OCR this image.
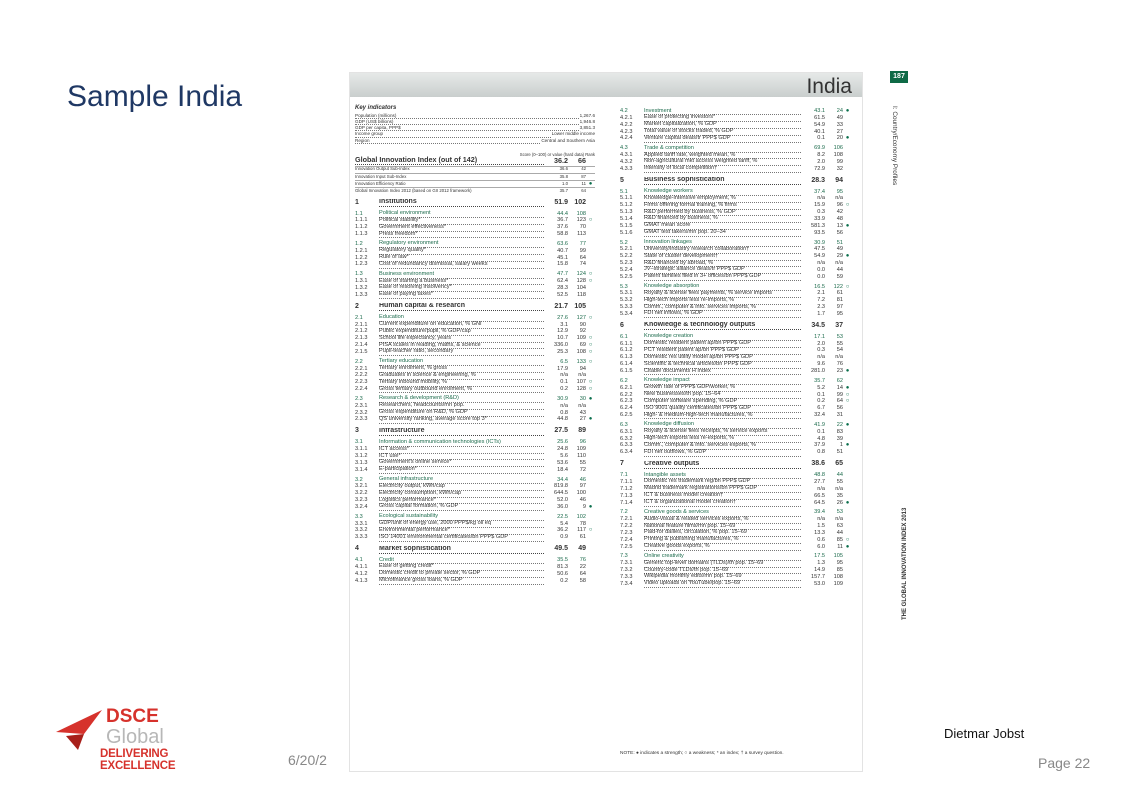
Sample India	India
Key indicators
Population (millions)	1,267.6
GDP (US$ billions)	1,946.8
GDP per capita, PPP$	3,851.3
Income group	Lower middle income
Region	Central and Southern Asia
Score (0–100) or value (hard data) Rank
Global Innovation Index (out of 142)	36.2	66
Innovation Output Sub-Index	36.6	42
Innovation Input Sub-Index	35.8	87
Innovation Efficiency Ratio	1.0	11 ●
Global Innovation Index 2012 (based on GII 2012 framework)	35.7	64
1	Institutions	51.9 102
1.1	Political environment	44.4	108
1.1.1	Political stability*	36.7	123 ○
1.1.2	Government effectiveness*	37.6	70
1.1.3	Press freedom*	58.8	113
1.2	Regulatory environment	63.6	77
1.2.1	Regulatory quality*	40.7	99
1.2.2	Rule of law*	45.1	64
1.2.3	Cost of redundancy dismissal, salary weeks	15.8	74
1.3	Business environment	47.7	124 ○
1.3.1	Ease of starting a business*	62.4	128 ○
1.3.2	Ease of resolving insolvency*	28.3	104
1.3.3	Ease of paying taxes*	52.5	118
2	Human capital & research	21.7 105
2.1	Education	27.6	127 ○
2.1.1	Current expenditure on education, % GNI	3.1	90
2.1.2	Public expenditure/pupil, % GDP/cap	12.9	92
2.1.3	School life expectancy, years	10.7	109 ○
2.1.4	PISA scales in reading, maths, & science	336.0	69 ○
2.1.5	Pupil-teacher ratio, secondary	25.3	108 ○
2.2	Tertiary education	6.5	133 ○
2.2.1	Tertiary enrolment, % gross	17.9	94
2.2.2	Graduates in science & engineering, %	n/a	n/a
2.2.3	Tertiary inbound mobility, %	0.1	107 ○
2.2.4	Gross tertiary outbound enrolment, %	0.2	128 ○
2.3	Research & development (R&D)	30.9	30 ●
2.3.1	Researchers, headcounts/mn pop.	n/a	n/a
2.3.2	Gross expenditure on R&D, % GDP	0.8	43
2.3.3	QS university ranking, average score top 3*	44.8	27 ●
3	Infrastructure	27.5	89
3.1	Information & communication technologies (ICTs)	25.6	96
3.1.1	ICT access*	24.8	109
3.1.2	ICT use*	5.6	110
3.1.3	Government's online service*	53.6	55
3.1.4	E-participation*	18.4	72
3.2	General infrastructure	34.4	46
3.2.1	Electricity output, kWh/cap	819.8	97
3.2.2	Electricity consumption, kWh/cap	644.5	100
3.2.3	Logistics performance*	52.0	46
3.2.4	Gross capital formation, % GDP	36.0	9 ●
3.3	Ecological sustainability	22.5	102
3.3.1	GDP/unit of energy use, 2000 PPP$/kg oil eq	5.4	78
3.3.2	Environmental performance*	36.2	117 ○
3.3.3	ISO 14001 environmental certificates/bn PPP$ GDP	0.9	61
4	Market sophistication	49.5	49
4.1	Credit	35.5	76
4.1.1	Ease of getting credit*	81.3	22
4.1.2	Domestic credit to private sector, % GDP	50.6	64
4.1.3	Microfinance gross loans, % GDP	0.2	58
4.2	Investment	43.1	24 ●
4.2.1	Ease of protecting investors*	61.5	49
4.2.2	Market capitalization, % GDP	54.9	33
4.2.3	Total value of stocks traded, % GDP	40.1	27
4.2.4	Venture capital deals/tr PPP$ GDP	0.1	20 ●
4.3	Trade & competition	69.9	106
4.3.1	Applied tariff rate, weighted mean, %	8.2	108
4.3.2	Non-agricultural mkt access weighted tariff, %	2.0	99
4.3.3	Intensity of local competition†	72.9	32
5	Business sophistication	28.3	94
5.1	Knowledge workers	37.4	95
5.1.1	Knowledge-intensive employment, %	n/a	n/a
5.1.2	Firms offering formal training, % firms	15.9	96 ○
5.1.3	R&D performed by business, % GDP	0.3	42
5.1.4	R&D financed by business, %	33.9	48
5.1.5	GMAT mean score	581.3	13 ●
5.1.6	GMAT test takers/mn pop. 20–34	93.5	56
5.2	Innovation linkages	30.9	51
5.2.1	University/industry research collaboration†	47.5	49
5.2.2	State of cluster development†	54.9	29 ●
5.2.3	R&D financed by abroad, %	n/a	n/a
5.2.4	JV–strategic alliance deals/tr PPP$ GDP	0.0	44
5.2.5	Patent families filed in 3+ offices/bn PPP$ GDP	0.0	59
5.3	Knowledge absorption	16.5	122 ○
5.3.1	Royalty & license fees payments, % service imports	2.1	61
5.3.2	High-tech imports less re-imports, %	7.2	81
5.3.3	Comm., computer & info. services imports, %	2.3	97
5.3.4	FDI net inflows, % GDP	1.7	95
6	Knowledge & technology outputs	34.5	37
6.1	Knowledge creation	17.1	53
6.1.1	Domestic resident patent ap/bn PPP$ GDP	2.0	55
6.1.2	PCT resident patent ap/bn PPP$ GDP	0.3	54
6.1.3	Domestic res utility model ap/bn PPP$ GDP	n/a	n/a
6.1.4	Scientific & technical articles/bn PPP$ GDP	9.6	76
6.1.5	Citable documents H index	281.0	23 ●
6.2	Knowledge impact	35.7	62
6.2.1	Growth rate of PPP$ GDP/worker, %	5.2	14 ●
6.2.2	New businesses/th pop. 15–64	0.1	99 ○
6.2.3	Computer software spending, % GDP	0.2	64 ○
6.2.4	ISO 9001 quality certificates/bn PPP$ GDP	6.7	56
6.2.5	High- & medium-high-tech manufactures, %	32.4	31
6.3	Knowledge diffusion	41.9	22 ●
6.3.1	Royalty & license fees receipts, % service exports	0.1	83
6.3.2	High-tech exports less re-exports, %	4.8	39
6.3.3	Comm., computer & info. services exports, %	37.9	1 ●
6.3.4	FDI net outflows, % GDP	0.8	51
7	Creative outputs	38.6	65
7.1	Intangible assets	48.8	44
7.1.1	Domestic res trademark reg/bn PPP$ GDP	27.7	55
7.1.2	Madrid trademark registrations/bn PPP$ GDP	n/a	n/a
7.1.3	ICT & business model creation†	66.5	35
7.1.4	ICT & organizational model creation†	64.5	26 ●
7.2	Creative goods & services	39.4	53
7.2.1	Audio-visual & related services exports, %	n/a	n/a
7.2.2	National feature films/mn pop. 15–69	1.5	63
7.2.3	Paid-for dailies, circulation, % pop. 15–69	13.3	44
7.2.4	Printing & publishing manufactures, %	0.6	85 ○
7.2.5	Creative goods exports, %	6.0	11 ●
7.3	Online creativity	17.5	105
7.3.1	Generic top-level domains (TLDs)/th pop. 15–69	1.3	95
7.3.2	Country-code TLDs/th pop. 15–69	14.9	85
7.3.3	Wikipedia monthly edits/mn pop. 15–69	157.7	108
7.3.4	Video uploads on YouTube/pop. 15–69	53.0	109
NOTE: ● indicates a strength; ○ a weakness; * an index; † a survey question.
187
I: Country/Economy Profiles
THE GLOBAL INNOVATION INDEX 2013
Dietmar Jobst
6/20/2	Page 22
DSCE
Global
DELIVERING EXCELLENCE
